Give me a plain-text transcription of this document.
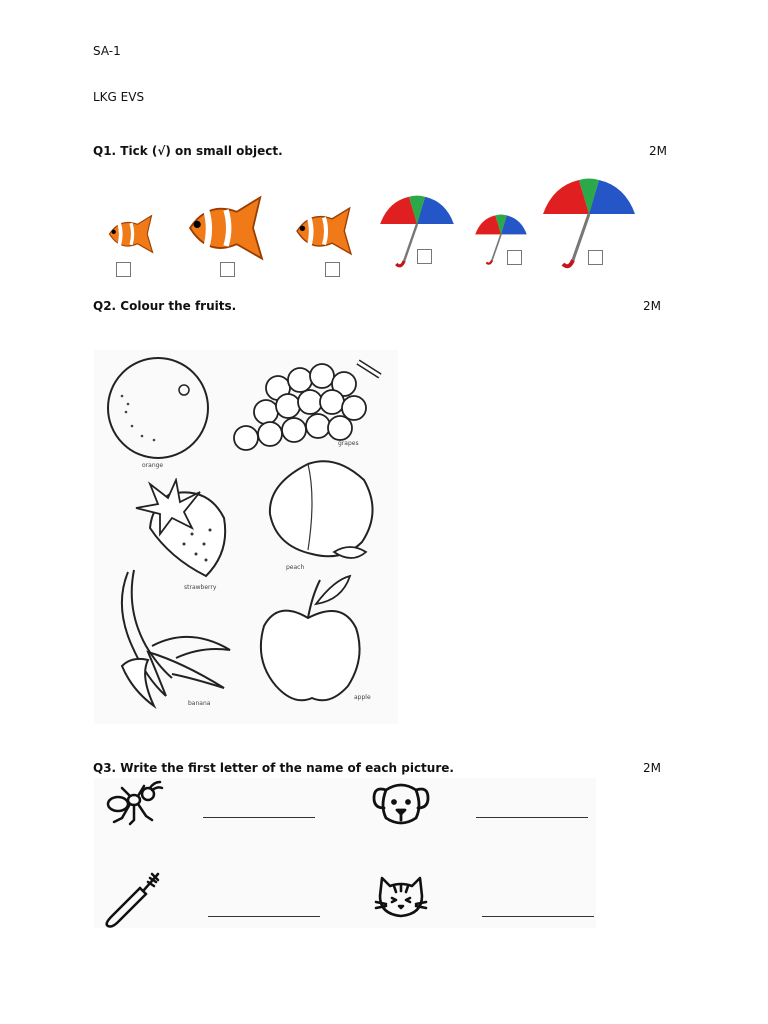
SA-1
LKG EVS
Q1. Tick (√) on small object.	2M
Q2. Colour the fruits.	2M
orange
grapes
strawberry
peach
banana
apple
Q3. Write the first letter of the name of each picture.	2M
